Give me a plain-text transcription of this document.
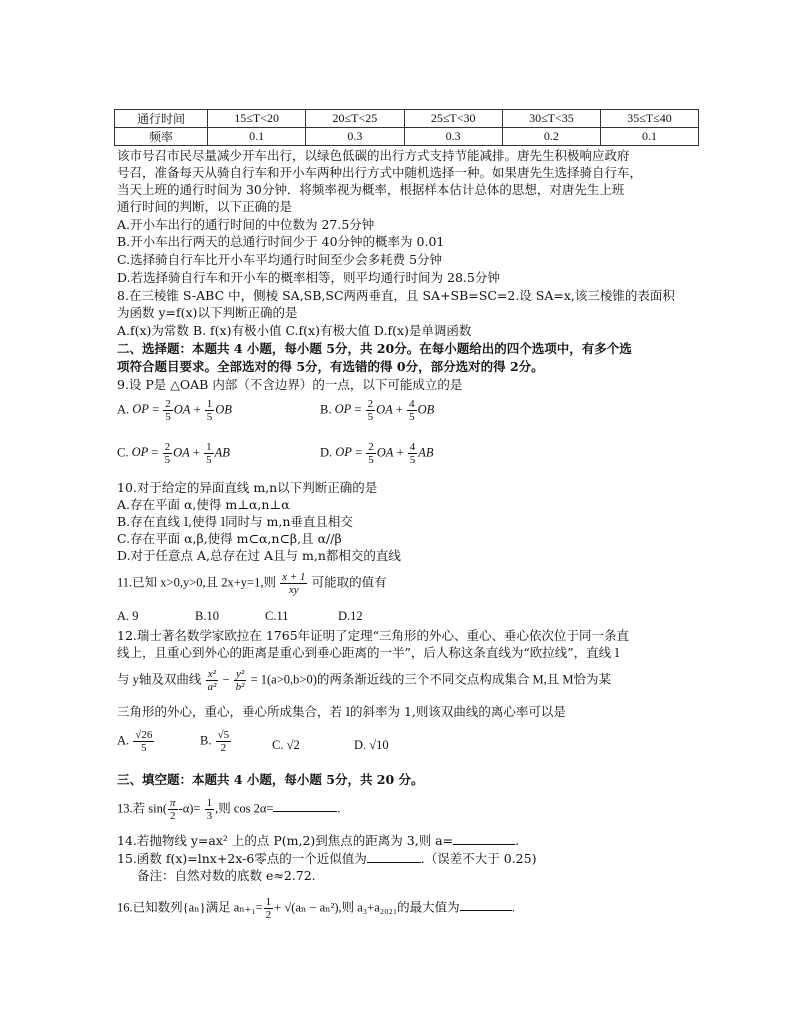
通行时间	15≤T<20	20≤T<25	25≤T<30	30≤T<35	35≤T≤40
频率	0.1	0.3	0.3	0.2	0.1
该市号召市民尽量减少开车出行，以绿色低碳的出行方式支持节能减排。唐先生积极响应政府
号召，准备每天从骑自行车和开小车两种出行方式中随机选择一种。如果唐先生选择骑自行车，
当天上班的通行时间为 30分钟．将频率视为概率，根据样本估计总体的思想，对唐先生上班
通行时间的判断，以下正确的是
A.开小车出行的通行时间的中位数为 27.5分钟
B.开小车出行两天的总通行时间少于 40分钟的概率为 0.01
C.选择骑自行车比开小车平均通行时间至少会多耗费 5分钟
D.若选择骑自行车和开小车的概率相等，则平均通行时间为 28.5分钟
8.在三棱锥 S-ABC 中，侧棱 SA,SB,SC两两垂直，且 SA+SB=SC=2.设 SA=x,该三棱锥的表面积
为函数 y=f(x)以下判断正确的是
A.f(x)为常数 B. f(x)有极小值 C.f(x)有极大值 D.f(x)是单调函数
二、选择题：本题共 4 小题，每小题 5分，共 20分。在每小题给出的四个选项中，有多个选
项符合题目要求。全部选对的得 5分，有选错的得 0分，部分选对的得 2分。
9.设 P是 △OAB 内部（不含边界）的一点，以下可能成立的是
A. OP = $\frac{2}{5}$ OA + $\frac{1}{5}$ OB	B. OP = $\frac{2}{5}$ OA + $\frac{4}{5}$ OB
C. OP = $\frac{2}{5}$ OA + $\frac{1}{5}$ AB	D. OP = $\frac{2}{5}$ OA + $\frac{4}{5}$ AB
10.对于给定的异面直线 m,n以下判断正确的是
A.存在平面 α,使得 m⊥α,n⊥α
B.存在直线 l,使得 l同时与 m,n垂直且相交
C.存在平面 α,β,使得 m⊂α,n⊂β,且 α//β
D.对于任意点 A,总存在过 A且与 m,n都相交的直线
11.已知 x>0,y>0,且 2x+y=1,则 $\frac{x + 1}{xy}$ 可能取的值有
A. 9	B.10	C.11	D.12
12.瑞士著名数学家欧拉在 1765年证明了定理“三角形的外心、重心、垂心依次位于同一条直
线上，且重心到外心的距离是重心到垂心距离的一半”，后人称这条直线为“欧拉线”，直线 l
与 y轴及双曲线 $\frac{\text{x²}}{\text{a²}} - \frac{\text{y²}}{\text{b²}} = 1(a>0,b>0)$的两条渐近线的三个不同交点构成集合 M,且 M恰为某
三角形的外心，重心，垂心所成集合，若 l的斜率为 1,则该双曲线的离心率可以是
A. $\frac{√26}{5}$	B. $\frac{√5}{2}$	C. √2	D. √10
三、填空题：本题共 4 小题，每小题 5分，共 20 分。
13.若 $\sin( \frac{\pi}{2} -\alpha)= \frac{1}{3}$ ,则 cos 2α=	.
14.若抛物线 y=ax² 上的点 P(m,2)到焦点的距离为 3,则 a=	.
15.函数 f(x)=lnx+2x-6零点的一个近似值为	.（误差不大于 0.25)
备注：自然对数的底数 e≈2.72.
16.已知数列{aₙ}满足 $a_{n+1}= \frac{1}{2} + √(a_n - a_n^2)$,则 a₃+a₂₀₂₁的最大值为	.
